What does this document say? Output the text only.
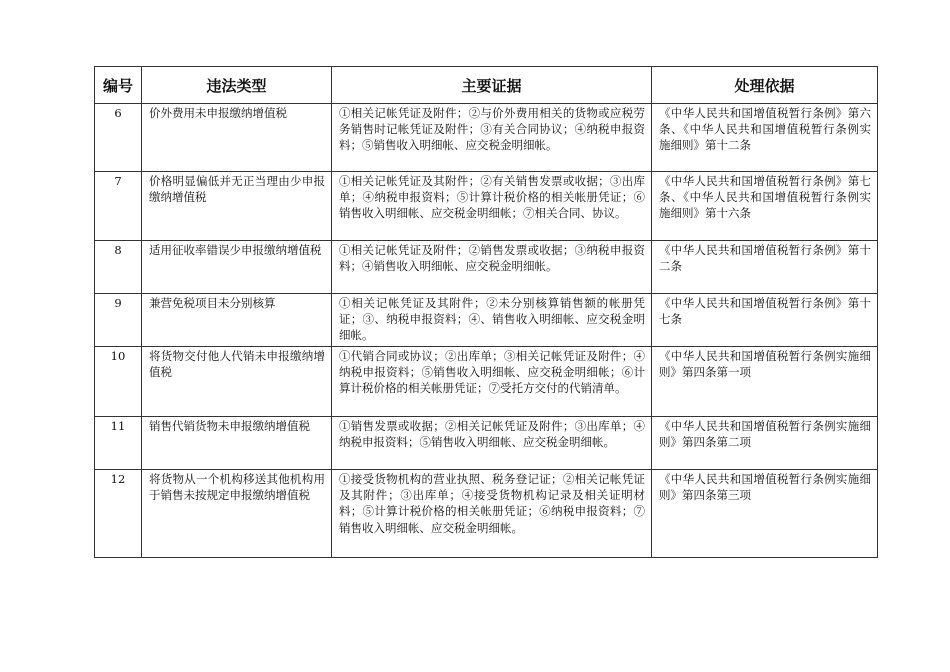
编号	违法类型	主要证据	处理依据
6	价外费用未申报缴纳增值税	①相关记帐凭证及附件；②与价外费用相关的货物或应税劳务销售时记帐凭证及附件；③有关合同协议；④纳税申报资料；⑤销售收入明细帐、应交税金明细帐。	《中华人民共和国增值税暂行条例》第六条、《中华人民共和国增值税暂行条例实施细则》第十二条
7	价格明显偏低并无正当理由少申报缴纳增值税	①相关记帐凭证及其附件；②有关销售发票或收据；③出库单；④纳税申报资料；⑤计算计税价格的相关帐册凭证；⑥销售收入明细帐、应交税金明细帐；⑦相关合同、协议。	《中华人民共和国增值税暂行条例》第七条、《中华人民共和国增值税暂行条例实施细则》第十六条
8	适用征收率错误少申报缴纳增值税	①相关记帐凭证及附件；②销售发票或收据；③纳税申报资料；④销售收入明细帐、应交税金明细帐。	《中华人民共和国增值税暂行条例》第十二条
9	兼营免税项目未分别核算	①相关记帐凭证及其附件；②未分别核算销售额的帐册凭证；③、纳税申报资料；④、销售收入明细帐、应交税金明细帐。	《中华人民共和国增值税暂行条例》第十七条
10	将货物交付他人代销未申报缴纳增值税	①代销合同或协议；②出库单；③相关记帐凭证及附件；④纳税申报资料；⑤销售收入明细帐、应交税金明细帐；⑥计算计税价格的相关帐册凭证；⑦受托方交付的代销清单。	《中华人民共和国增值税暂行条例实施细则》第四条第一项
11	销售代销货物未申报缴纳增值税	①销售发票或收据；②相关记帐凭证及附件；③出库单；④纳税申报资料；⑤销售收入明细帐、应交税金明细帐。	《中华人民共和国增值税暂行条例实施细则》第四条第二项
12	将货物从一个机构移送其他机构用于销售未按规定申报缴纳增值税	①接受货物机构的营业执照、税务登记证；②相关记帐凭证及其附件；③出库单；④接受货物机构记录及相关证明材料；⑤计算计税价格的相关帐册凭证；⑥纳税申报资料；⑦销售收入明细帐、应交税金明细帐。	《中华人民共和国增值税暂行条例实施细则》第四条第三项
